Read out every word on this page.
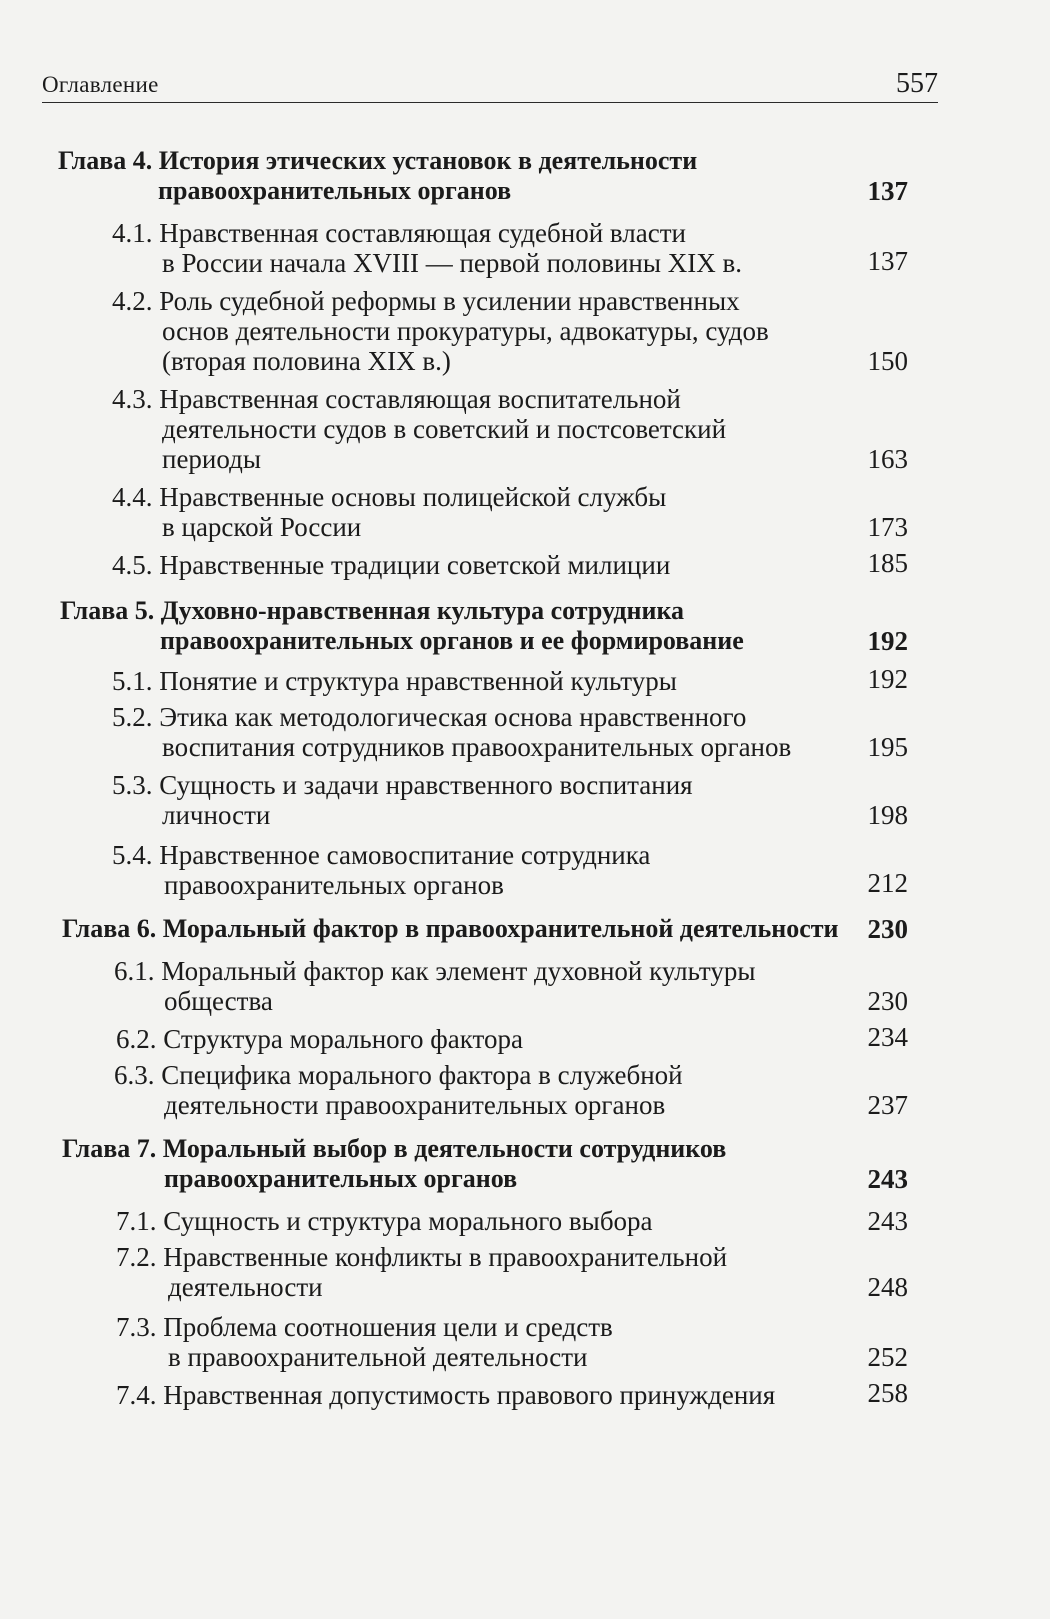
Оглавление	557
Глава 4. История этических установок в деятельности
правоохранительных органов	137
4.1. Нравственная составляющая судебной власти
в России начала XVIII — первой половины XIX в.	137
4.2. Роль судебной реформы в усилении нравственных
основ деятельности прокуратуры, адвокатуры, судов
(вторая половина XIX в.)	150
4.3. Нравственная составляющая воспитательной
деятельности судов в советский и постсоветский
периоды	163
4.4. Нравственные основы полицейской службы
в царской России	173
4.5. Нравственные традиции советской милиции	185
Глава 5. Духовно-нравственная культура сотрудника
правоохранительных органов и ее формирование	192
5.1. Понятие и структура нравственной культуры	192
5.2. Этика как методологическая основа нравственного
воспитания сотрудников правоохранительных органов	195
5.3. Сущность и задачи нравственного воспитания
личности	198
5.4. Нравственное самовоспитание сотрудника
правоохранительных органов	212
Глава 6. Моральный фактор в правоохранительной деятельности	230
6.1. Моральный фактор как элемент духовной культуры
общества	230
6.2. Структура морального фактора	234
6.3. Специфика морального фактора в служебной
деятельности правоохранительных органов	237
Глава 7. Моральный выбор в деятельности сотрудников
правоохранительных органов	243
7.1. Сущность и структура морального выбора	243
7.2. Нравственные конфликты в правоохранительной
деятельности	248
7.3. Проблема соотношения цели и средств
в правоохранительной деятельности	252
7.4. Нравственная допустимость правового принуждения	258
